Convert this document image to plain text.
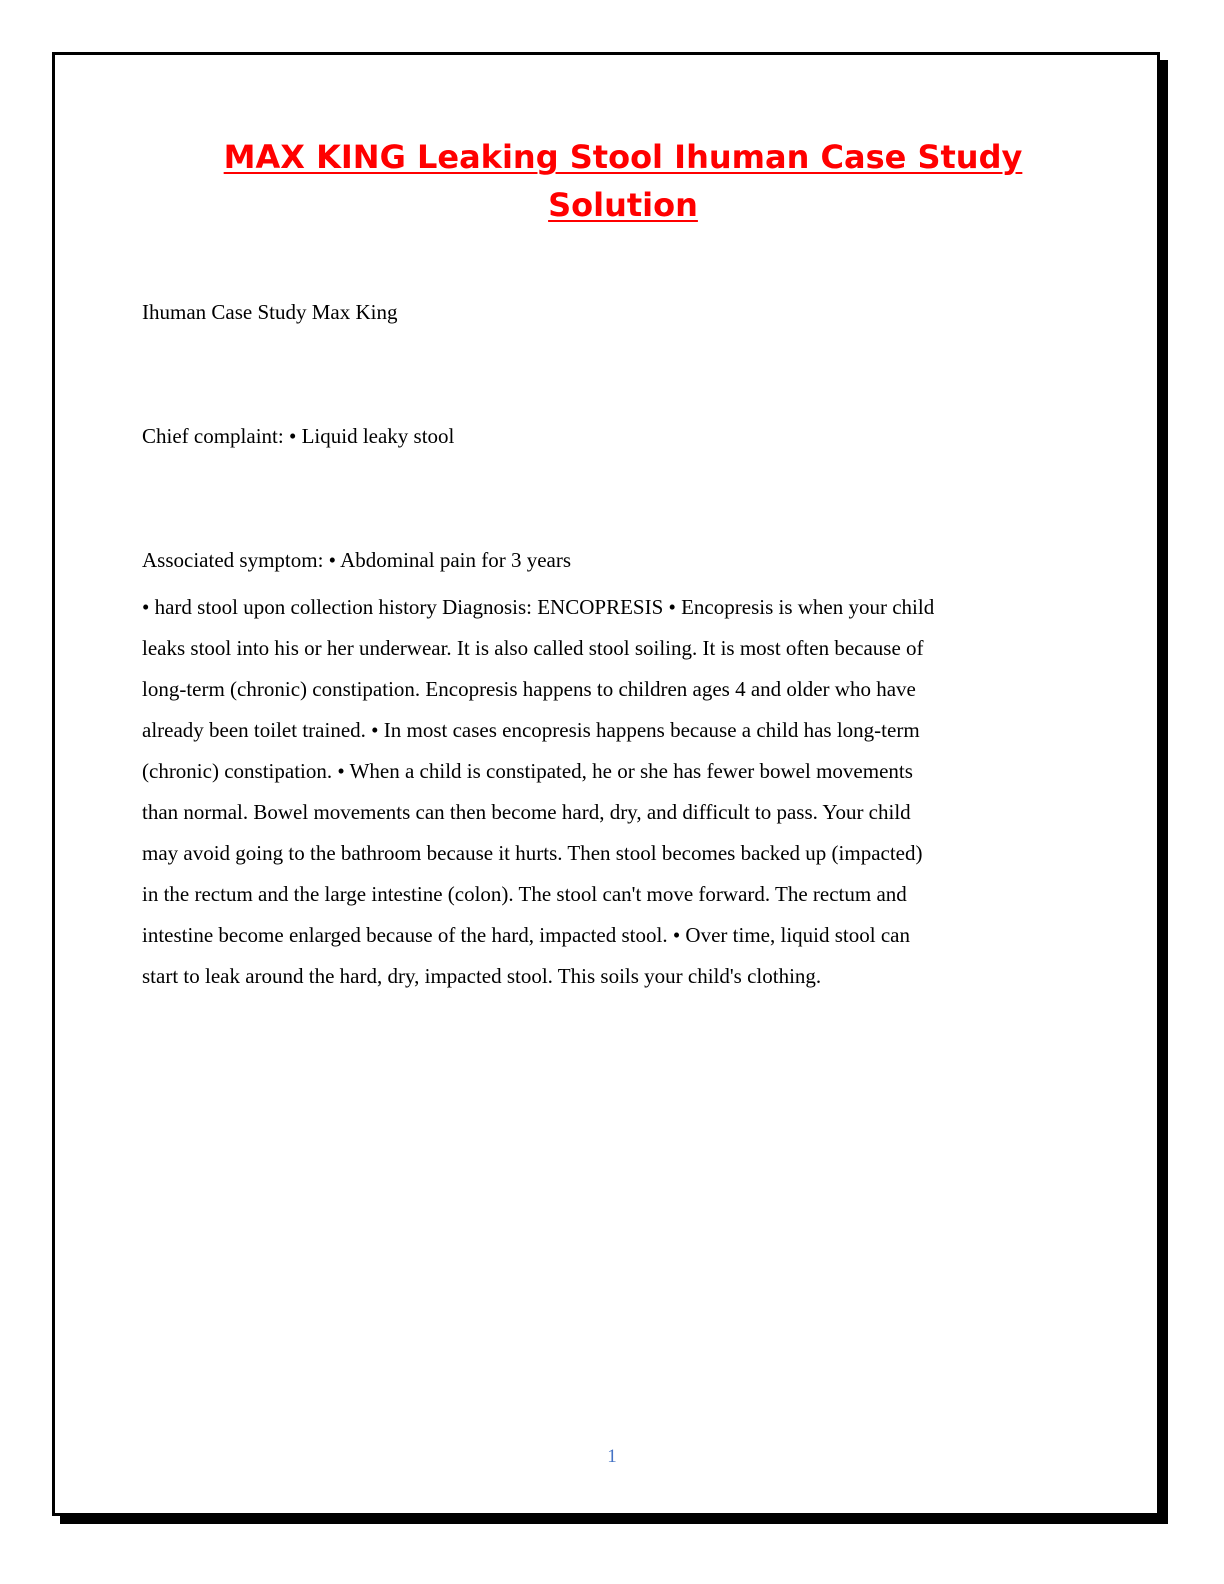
MAX KING Leaking Stool Ihuman Case Study
Solution
Ihuman Case Study Max King
Chief complaint: • Liquid leaky stool
Associated symptom: • Abdominal pain for 3 years
• hard stool upon collection history Diagnosis: ENCOPRESIS • Encopresis is when your child
leaks stool into his or her underwear. It is also called stool soiling. It is most often because of
long-term (chronic) constipation. Encopresis happens to children ages 4 and older who have
already been toilet trained. • In most cases encopresis happens because a child has long-term
(chronic) constipation. • When a child is constipated, he or she has fewer bowel movements
than normal. Bowel movements can then become hard, dry, and difficult to pass. Your child
may avoid going to the bathroom because it hurts. Then stool becomes backed up (impacted)
in the rectum and the large intestine (colon). The stool can't move forward. The rectum and
intestine become enlarged because of the hard, impacted stool. • Over time, liquid stool can
start to leak around the hard, dry, impacted stool. This soils your child's clothing.
1
